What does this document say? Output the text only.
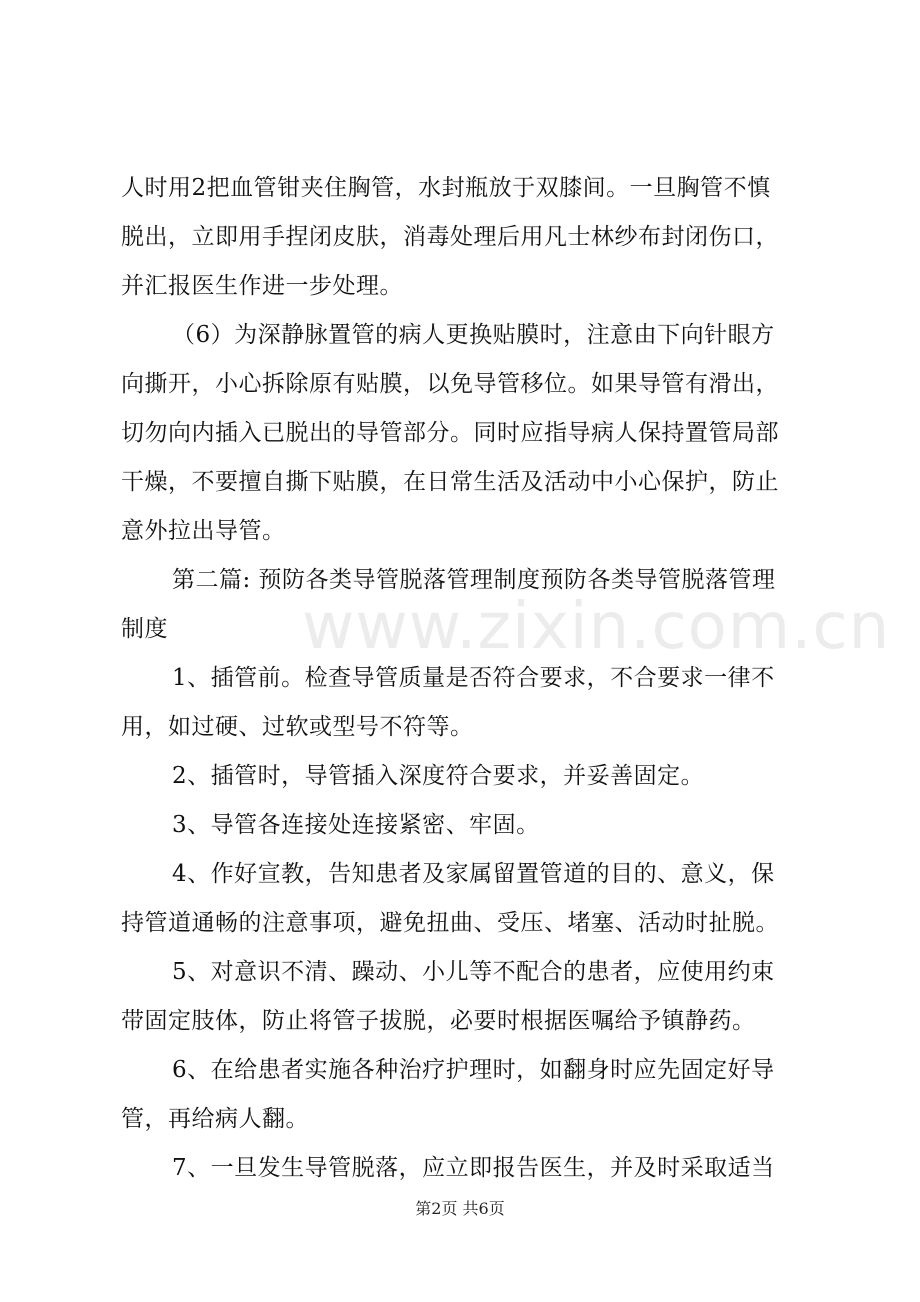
www.zixin.com.cn
人时用2把血管钳夹住胸管，水封瓶放于双膝间。一旦胸管不慎
脱出，立即用手捏闭皮肤，消毒处理后用凡士林纱布封闭伤口，
并汇报医生作进一步处理。
（6）为深静脉置管的病人更换贴膜时，注意由下向针眼方
向撕开，小心拆除原有贴膜，以免导管移位。如果导管有滑出，
切勿向内插入已脱出的导管部分。同时应指导病人保持置管局部
干燥，不要擅自撕下贴膜，在日常生活及活动中小心保护，防止
意外拉出导管。
第二篇: 预防各类导管脱落管理制度预防各类导管脱落管理
制度
1、插管前。检查导管质量是否符合要求，不合要求一律不
用，如过硬、过软或型号不符等。
2、插管时，导管插入深度符合要求，并妥善固定。
3、导管各连接处连接紧密、牢固。
4、作好宣教，告知患者及家属留置管道的目的、意义，保
持管道通畅的注意事项，避免扭曲、受压、堵塞、活动时扯脱。
5、对意识不清、躁动、小儿等不配合的患者，应使用约束
带固定肢体，防止将管子拔脱，必要时根据医嘱给予镇静药。
6、在给患者实施各种治疗护理时，如翻身时应先固定好导
管，再给病人翻。
7、一旦发生导管脱落，应立即报告医生，并及时采取适当
第2页 共6页
